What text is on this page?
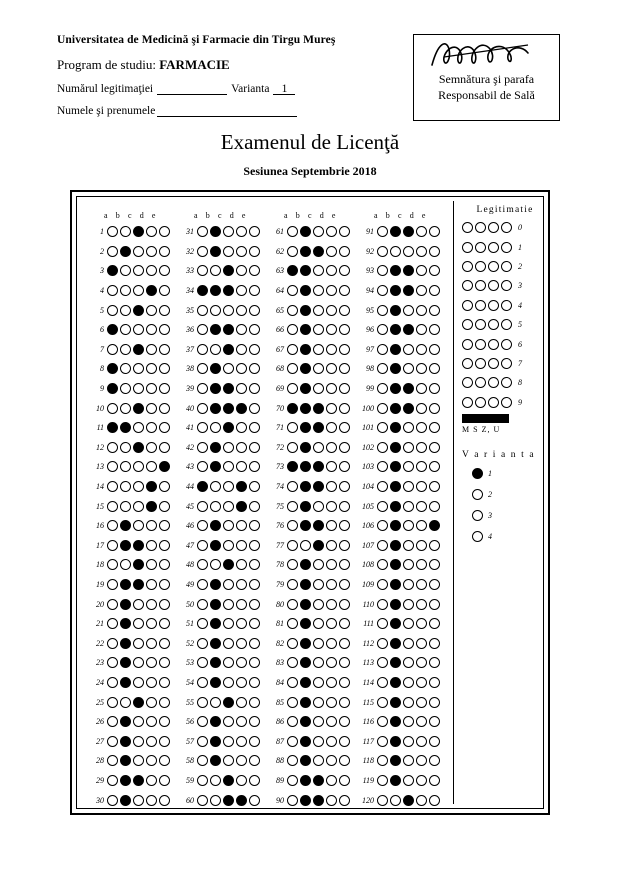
Universitatea de Medicină şi Farmacie din Tirgu Mureş
Program de studiu: FARMACIE
Numărul legitimaţiei	Varianta	1
Numele şi prenumele
Semnătura şi parafa
Responsabil de Sală
Examenul de Licenţă
Sesiunea Septembrie 2018
a b c d e
1
2
3
4
5
6
7
8
9
10
11
12
13
14
15
16
17
18
19
20
21
22
23
24
25
26
27
28
29
30
a b c d e
31
32
33
34
35
36
37
38
39
40
41
42
43
44
45
46
47
48
49
50
51
52
53
54
55
56
57
58
59
60
a b c d e
61
62
63
64
65
66
67
68
69
70
71
72
73
74
75
76
77
78
79
80
81
82
83
84
85
86
87
88
89
90
a b c d e
91
92
93
94
95
96
97
98
99
100
101
102
103
104
105
106
107
108
109
110
111
112
113
114
115
116
117
118
119
120
Legitimatie
0
1
2
3
4
5
6
7
8
9
M S Z, U
V a r i a n t a
1
2
3
4
